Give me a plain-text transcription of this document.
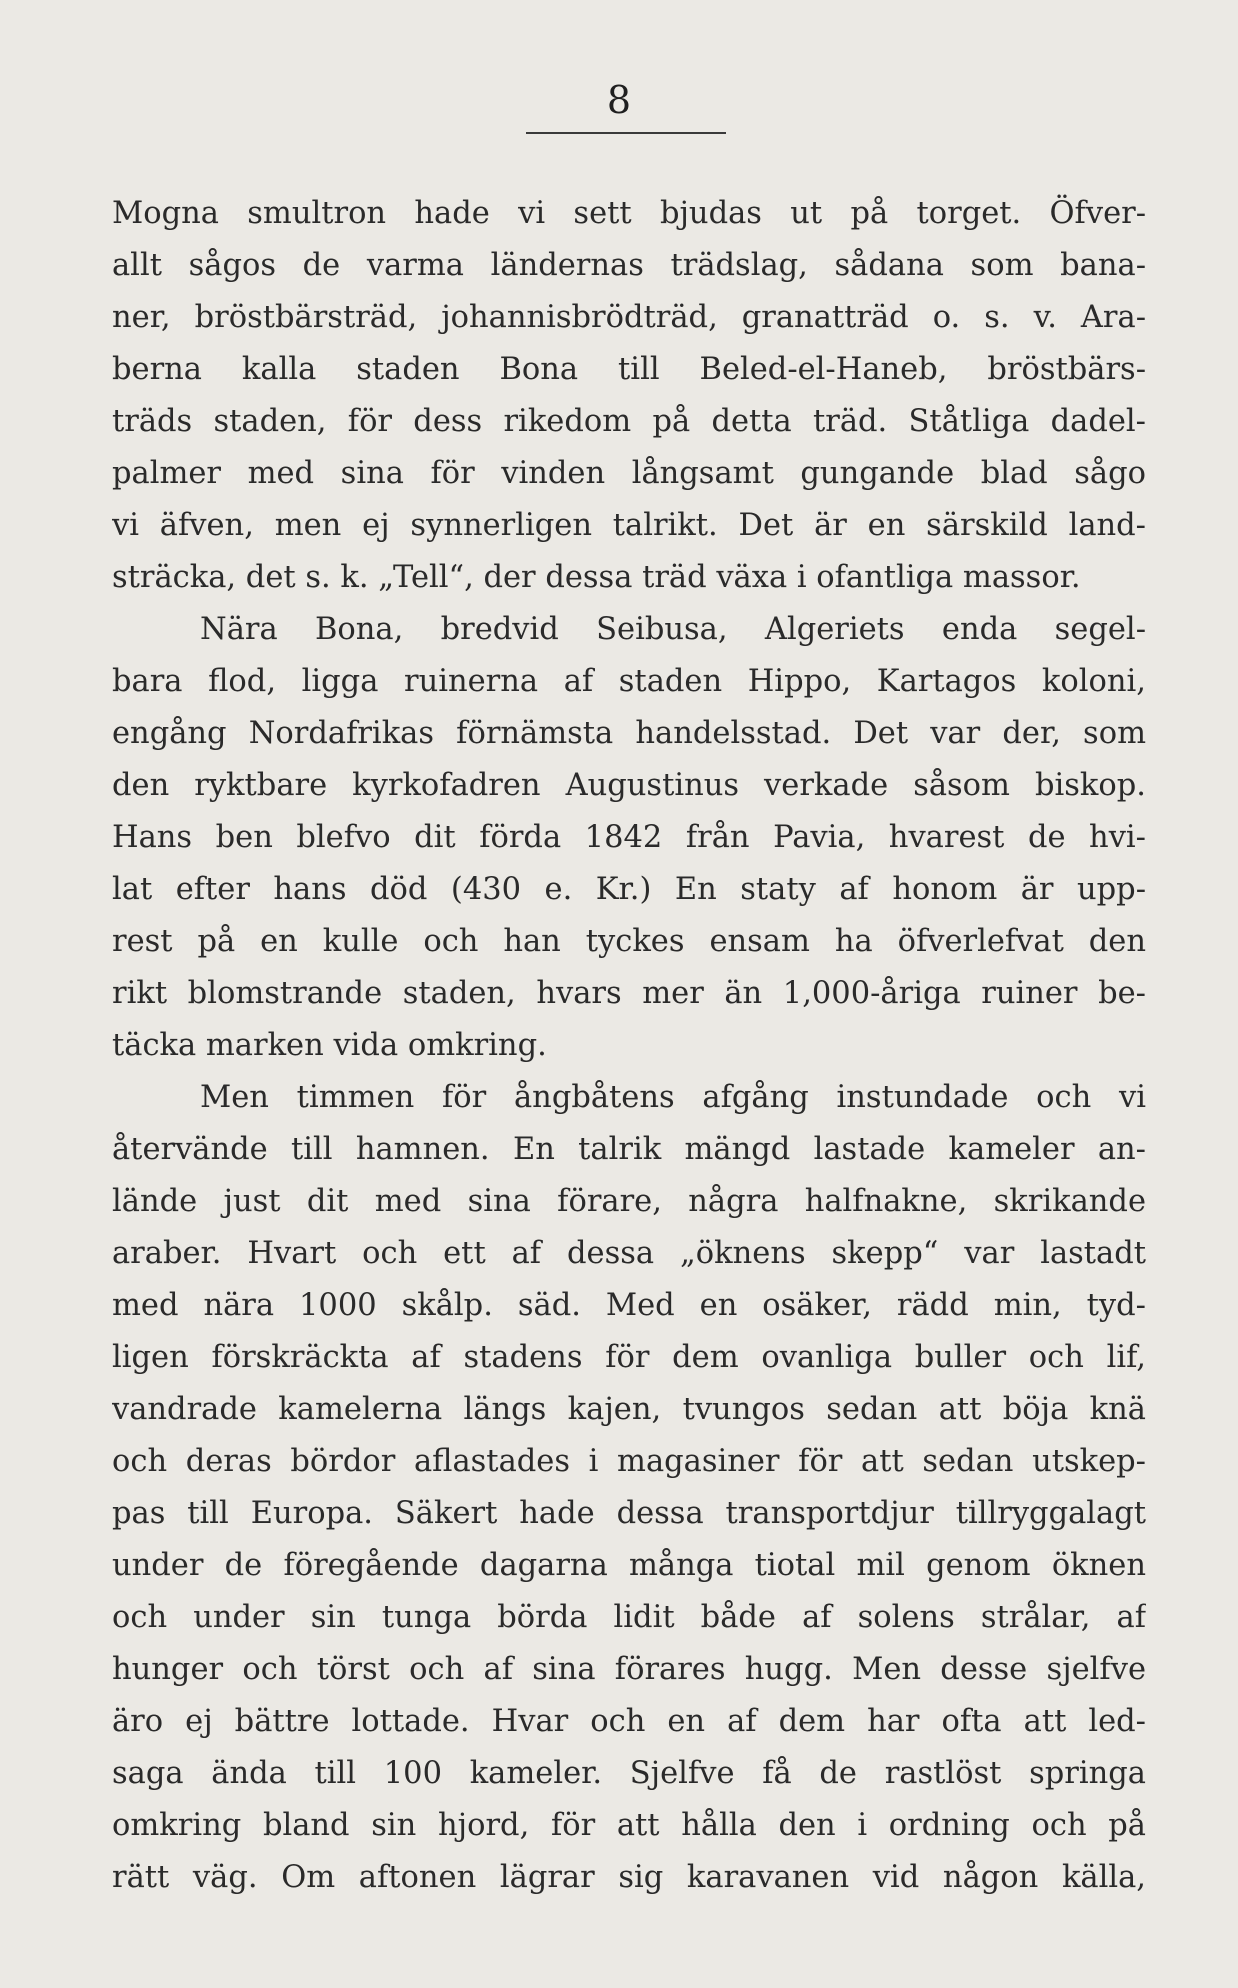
8
Mogna smultron hade vi sett bjudas ut på torget. Öfver-
allt sågos de varma ländernas trädslag, sådana som bana-
ner, bröstbärsträd, johannisbrödträd, granatträd o. s. v. Ara-
berna kalla staden Bona till Beled-el-Haneb, bröstbärs-
träds staden, för dess rikedom på detta träd. Ståtliga dadel-
palmer med sina för vinden långsamt gungande blad sågo
vi äfven, men ej synnerligen talrikt. Det är en särskild land-
sträcka, det s. k. „Tell“, der dessa träd växa i ofantliga massor.
Nära Bona, bredvid Seibusa, Algeriets enda segel-
bara flod, ligga ruinerna af staden Hippo, Kartagos koloni,
engång Nordafrikas förnämsta handelsstad. Det var der, som
den ryktbare kyrkofadren Augustinus verkade såsom biskop.
Hans ben blefvo dit förda 1842 från Pavia, hvarest de hvi-
lat efter hans död (430 e. Kr.) En staty af honom är upp-
rest på en kulle och han tyckes ensam ha öfverlefvat den
rikt blomstrande staden, hvars mer än 1,000-åriga ruiner be-
täcka marken vida omkring.
Men timmen för ångbåtens afgång instundade och vi
återvände till hamnen. En talrik mängd lastade kameler an-
lände just dit med sina förare, några halfnakne, skrikande
araber. Hvart och ett af dessa „öknens skepp“ var lastadt
med nära 1000 skålp. säd. Med en osäker, rädd min, tyd-
ligen förskräckta af stadens för dem ovanliga buller och lif,
vandrade kamelerna längs kajen, tvungos sedan att böja knä
och deras bördor aflastades i magasiner för att sedan utskep-
pas till Europa. Säkert hade dessa transportdjur tillryggalagt
under de föregående dagarna många tiotal mil genom öknen
och under sin tunga börda lidit både af solens strålar, af
hunger och törst och af sina förares hugg. Men desse sjelfve
äro ej bättre lottade. Hvar och en af dem har ofta att led-
saga ända till 100 kameler. Sjelfve få de rastlöst springa
omkring bland sin hjord, för att hålla den i ordning och på
rätt väg. Om aftonen lägrar sig karavanen vid någon källa,
